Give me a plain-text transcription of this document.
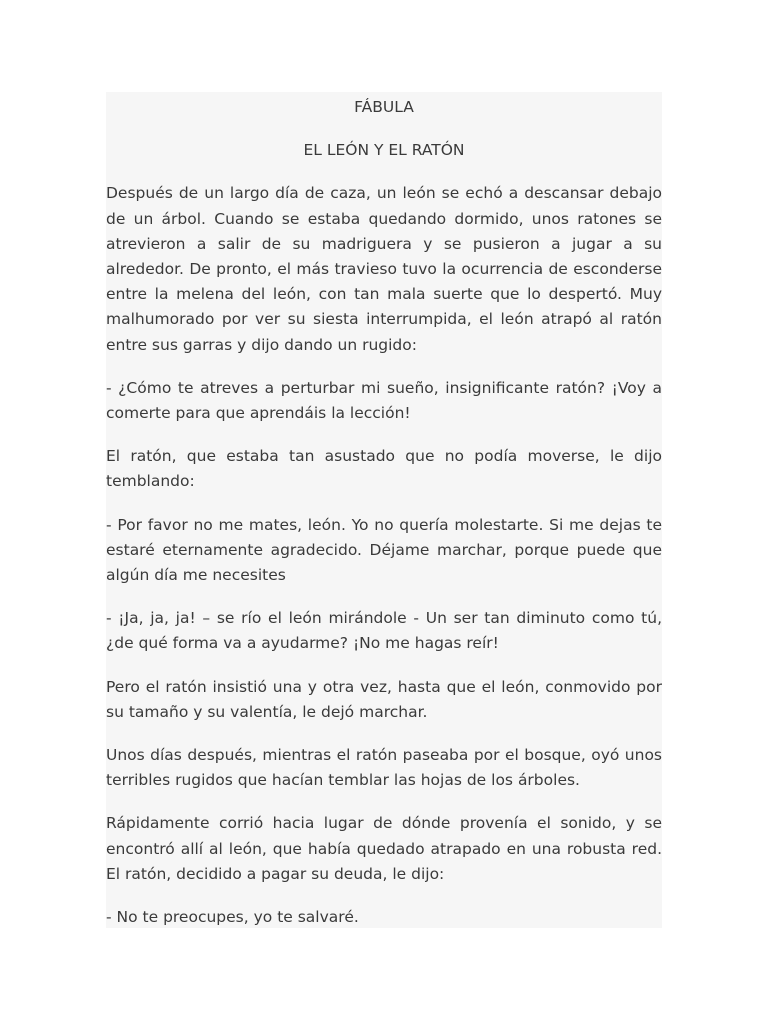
FÁBULA

EL LEÓN Y EL RATÓN

Después de un largo día de caza, un león se echó a descansar debajo de un árbol. Cuando se estaba quedando dormido, unos ratones se atrevieron a salir de su madriguera y se pusieron a jugar a su alrededor. De pronto, el más travieso tuvo la ocurrencia de esconderse entre la melena del león, con tan mala suerte que lo despertó. Muy malhumorado por ver su siesta interrumpida, el león atrapó al ratón entre sus garras y dijo dando un rugido:

- ¿Cómo te atreves a perturbar mi sueño, insignificante ratón? ¡Voy a comerte para que aprendáis la lección!

El ratón, que estaba tan asustado que no podía moverse, le dijo temblando:

- Por favor no me mates, león. Yo no quería molestarte. Si me dejas te estaré eternamente agradecido. Déjame marchar, porque puede que algún día me necesites

- ¡Ja, ja, ja! – se río el león mirándole - Un ser tan diminuto como tú, ¿de qué forma va a ayudarme? ¡No me hagas reír!

Pero el ratón insistió una y otra vez, hasta que el león, conmovido por su tamaño y su valentía, le dejó marchar.

Unos días después, mientras el ratón paseaba por el bosque, oyó unos terribles rugidos que hacían temblar las hojas de los árboles.

Rápidamente corrió hacia lugar de dónde provenía el sonido, y se encontró allí al león, que había quedado atrapado en una robusta red. El ratón, decidido a pagar su deuda, le dijo:

- No te preocupes, yo te salvaré.
